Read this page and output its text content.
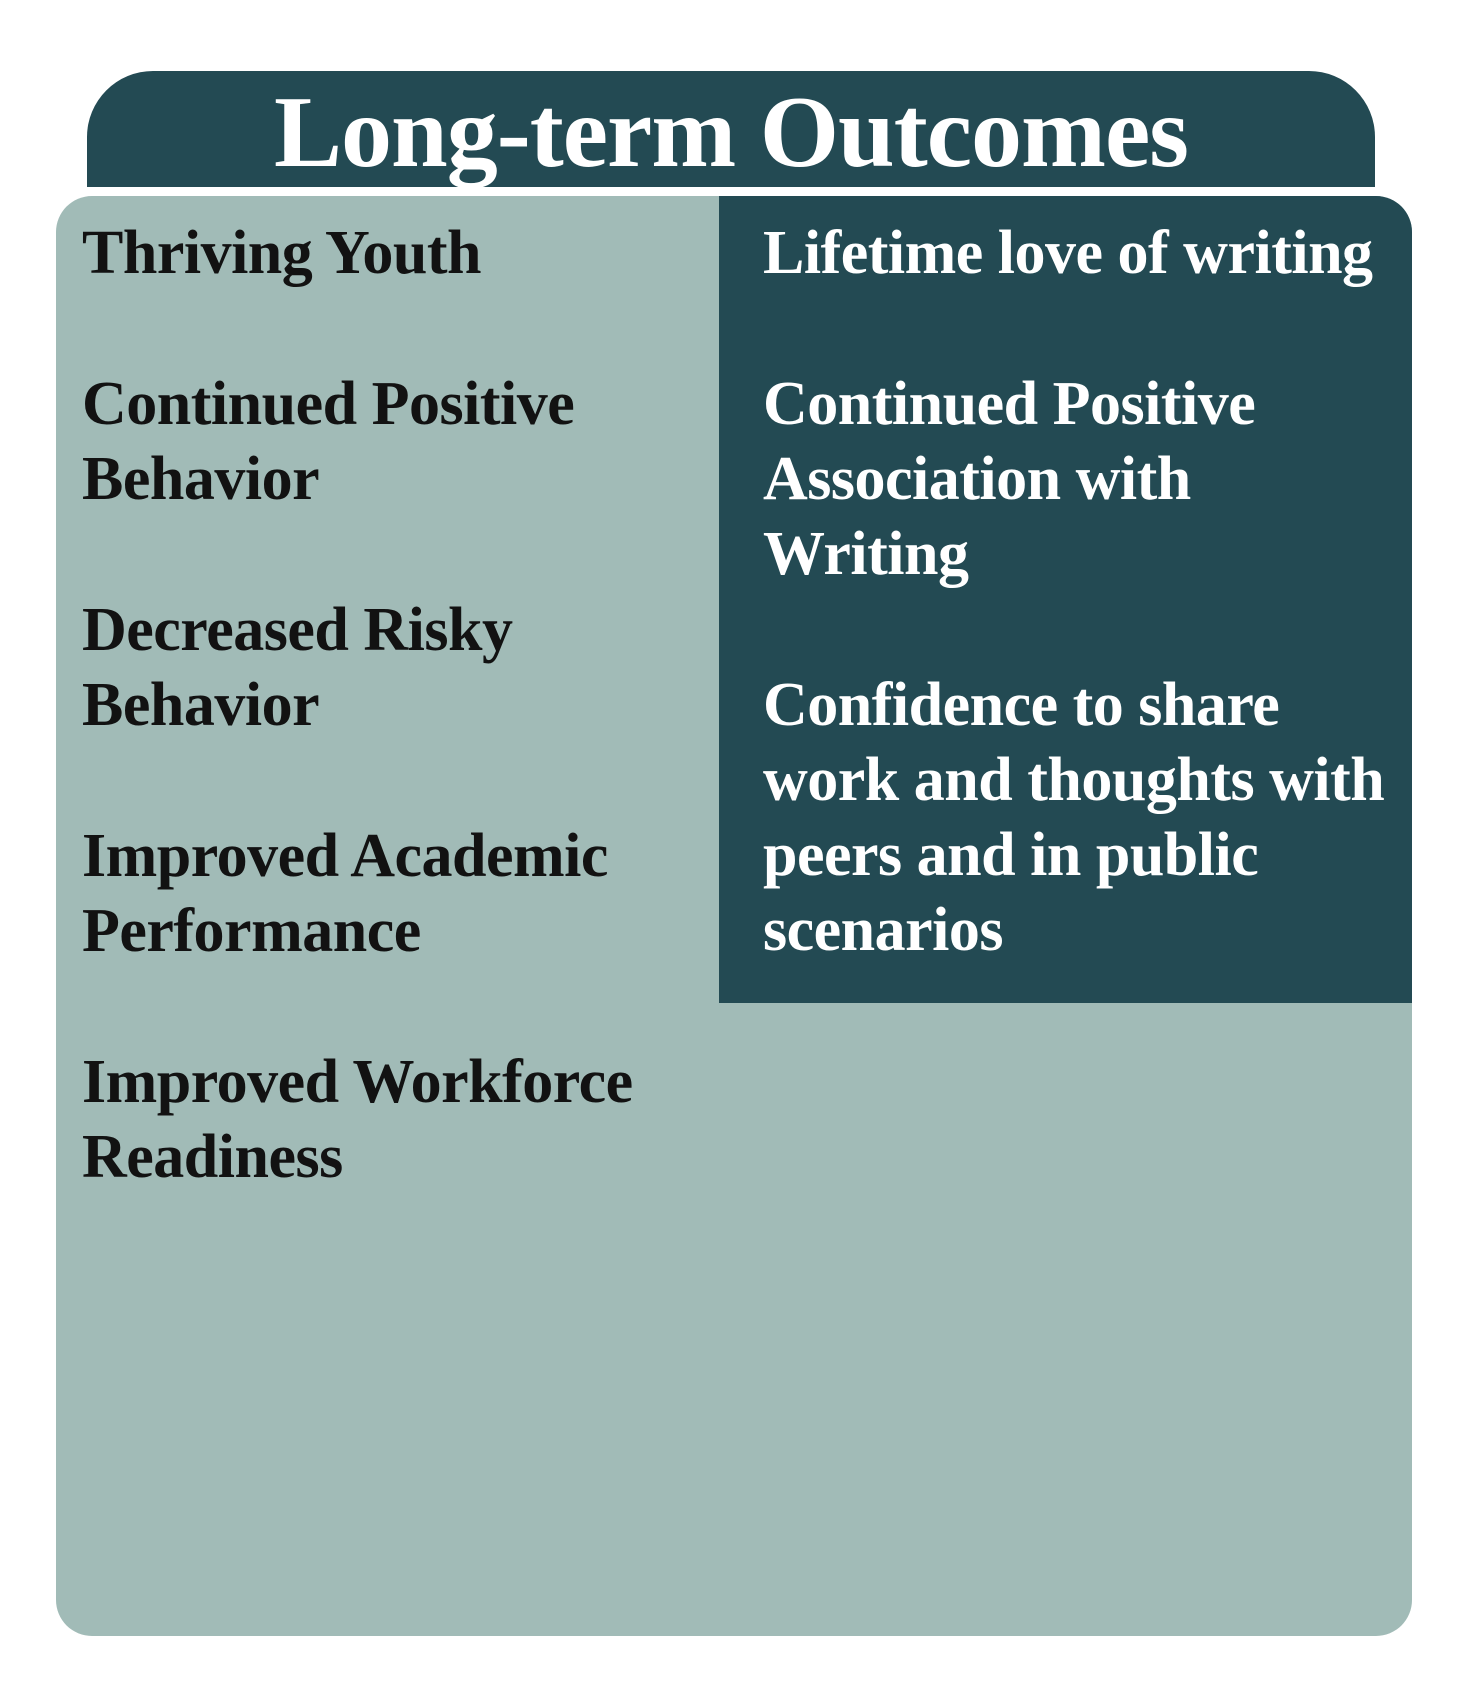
Long-term Outcomes

Thriving Youth

Continued Positive Behavior

Decreased Risky Behavior

Improved Academic Performance

Improved Workforce Readiness

Lifetime love of writing

Continued Positive Association with Writing

Confidence to share work and thoughts with peers and in public scenarios
